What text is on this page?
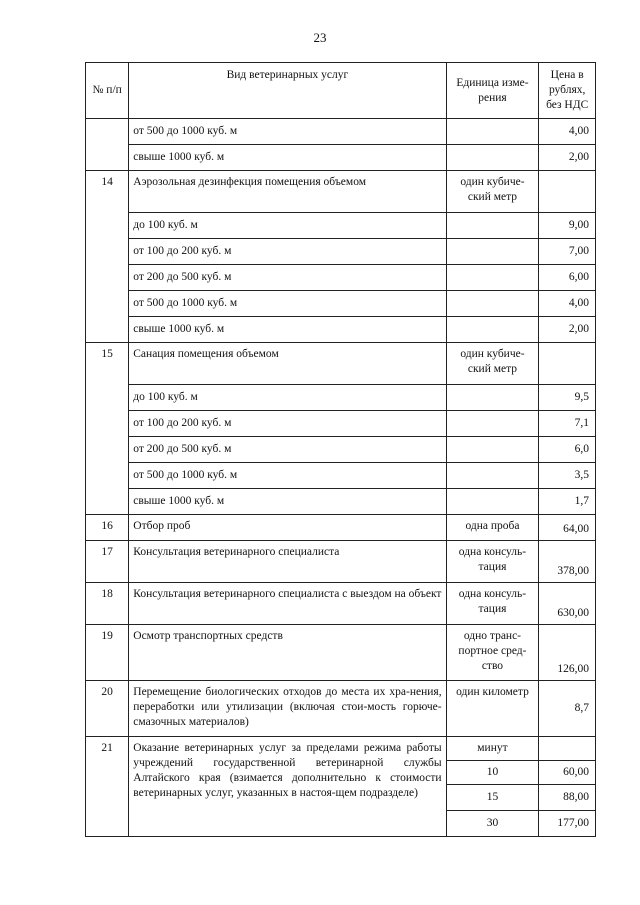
23
№ п/п	Вид ветеринарных услуг	Единица изме-рения	Цена в рублях, без НДС
	от 500 до 1000 куб. м		4,00
	свыше 1000 куб. м		2,00
14	Аэрозольная дезинфекция помещения объемом	один кубиче-ский метр	
	до 100 куб. м		9,00
	от 100 до 200 куб. м		7,00
	от 200 до 500 куб. м		6,00
	от 500 до 1000 куб. м		4,00
	свыше 1000 куб. м		2,00
15	Санация помещения объемом	один кубиче-ский метр	
	до 100 куб. м		9,5
	от 100 до 200 куб. м		7,1
	от 200 до 500 куб. м		6,0
	от 500 до 1000 куб. м		3,5
	свыше 1000 куб. м		1,7
16	Отбор проб	одна проба	64,00
17	Консультация ветеринарного специалиста	одна консуль-тация	378,00
18	Консультация ветеринарного специалиста с выездом на объект	одна консуль-тация	630,00
19	Осмотр транспортных средств	одно транс-портное сред-ство	126,00
20	Перемещение биологических отходов до места их хра-нения, переработки или утилизации (включая стои-мость горюче-смазочных материалов)	один километр	8,7
21	Оказание ветеринарных услуг за пределами режима работы учреждений государственной ветеринарной службы Алтайского края (взимается дополнительно к стоимости ветеринарных услуг, указанных в настоя-щем подразделе)	минут	
		10	60,00
		15	88,00
		30	177,00
